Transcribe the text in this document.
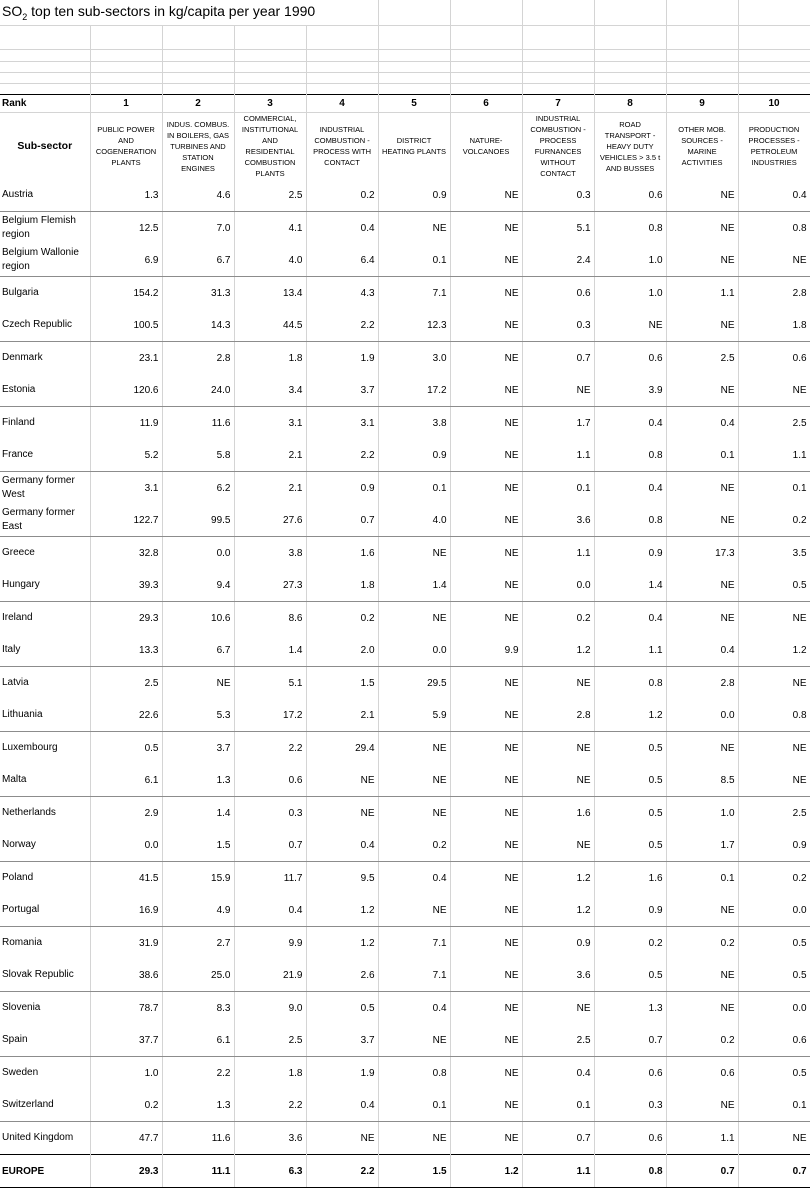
$SO_2$ top ten sub-sectors in kg/capita per year 1990										

Rank	1	2	3	4	5	6	7	8	9	10
Sub-sector	PUBLIC POWER AND COGENERATION PLANTS	INDUS. COMBUS. IN BOILERS, GAS TURBINES AND STATION ENGINES	COMMERCIAL, INSTITUTIONAL AND RESIDENTIAL COMBUSTION PLANTS	INDUSTRIAL COMBUSTION - PROCESS WITH CONTACT	DISTRICT HEATING PLANTS	NATURE-VOLCANOES	INDUSTRIAL COMBUSTION - PROCESS FURNANCES WITHOUT CONTACT	ROAD TRANSPORT - HEAVY DUTY VEHICLES > 3.5 t AND BUSSES	OTHER MOB. SOURCES - MARINE ACTIVITIES	PRODUCTION PROCESSES - PETROLEUM INDUSTRIES
Austria	1.3	4.6	2.5	0.2	0.9	NE	0.3	0.6	NE	0.4
Belgium Flemish region	12.5	7.0	4.1	0.4	NE	NE	5.1	0.8	NE	0.8
Belgium Wallonie region	6.9	6.7	4.0	6.4	0.1	NE	2.4	1.0	NE	NE
Bulgaria	154.2	31.3	13.4	4.3	7.1	NE	0.6	1.0	1.1	2.8
Czech Republic	100.5	14.3	44.5	2.2	12.3	NE	0.3	NE	NE	1.8
Denmark	23.1	2.8	1.8	1.9	3.0	NE	0.7	0.6	2.5	0.6
Estonia	120.6	24.0	3.4	3.7	17.2	NE	NE	3.9	NE	NE
Finland	11.9	11.6	3.1	3.1	3.8	NE	1.7	0.4	0.4	2.5
France	5.2	5.8	2.1	2.2	0.9	NE	1.1	0.8	0.1	1.1
Germany former West	3.1	6.2	2.1	0.9	0.1	NE	0.1	0.4	NE	0.1
Germany former East	122.7	99.5	27.6	0.7	4.0	NE	3.6	0.8	NE	0.2
Greece	32.8	0.0	3.8	1.6	NE	NE	1.1	0.9	17.3	3.5
Hungary	39.3	9.4	27.3	1.8	1.4	NE	0.0	1.4	NE	0.5
Ireland	29.3	10.6	8.6	0.2	NE	NE	0.2	0.4	NE	NE
Italy	13.3	6.7	1.4	2.0	0.0	9.9	1.2	1.1	0.4	1.2
Latvia	2.5	NE	5.1	1.5	29.5	NE	NE	0.8	2.8	NE
Lithuania	22.6	5.3	17.2	2.1	5.9	NE	2.8	1.2	0.0	0.8
Luxembourg	0.5	3.7	2.2	29.4	NE	NE	NE	0.5	NE	NE
Malta	6.1	1.3	0.6	NE	NE	NE	NE	0.5	8.5	NE
Netherlands	2.9	1.4	0.3	NE	NE	NE	1.6	0.5	1.0	2.5
Norway	0.0	1.5	0.7	0.4	0.2	NE	NE	0.5	1.7	0.9
Poland	41.5	15.9	11.7	9.5	0.4	NE	1.2	1.6	0.1	0.2
Portugal	16.9	4.9	0.4	1.2	NE	NE	1.2	0.9	NE	0.0
Romania	31.9	2.7	9.9	1.2	7.1	NE	0.9	0.2	0.2	0.5
Slovak Republic	38.6	25.0	21.9	2.6	7.1	NE	3.6	0.5	NE	0.5
Slovenia	78.7	8.3	9.0	0.5	0.4	NE	NE	1.3	NE	0.0
Spain	37.7	6.1	2.5	3.7	NE	NE	2.5	0.7	0.2	0.6
Sweden	1.0	2.2	1.8	1.9	0.8	NE	0.4	0.6	0.6	0.5
Switzerland	0.2	1.3	2.2	0.4	0.1	NE	0.1	0.3	NE	0.1
United Kingdom	47.7	11.6	3.6	NE	NE	NE	0.7	0.6	1.1	NE
EUROPE	29.3	11.1	6.3	2.2	1.5	1.2	1.1	0.8	0.7	0.7
